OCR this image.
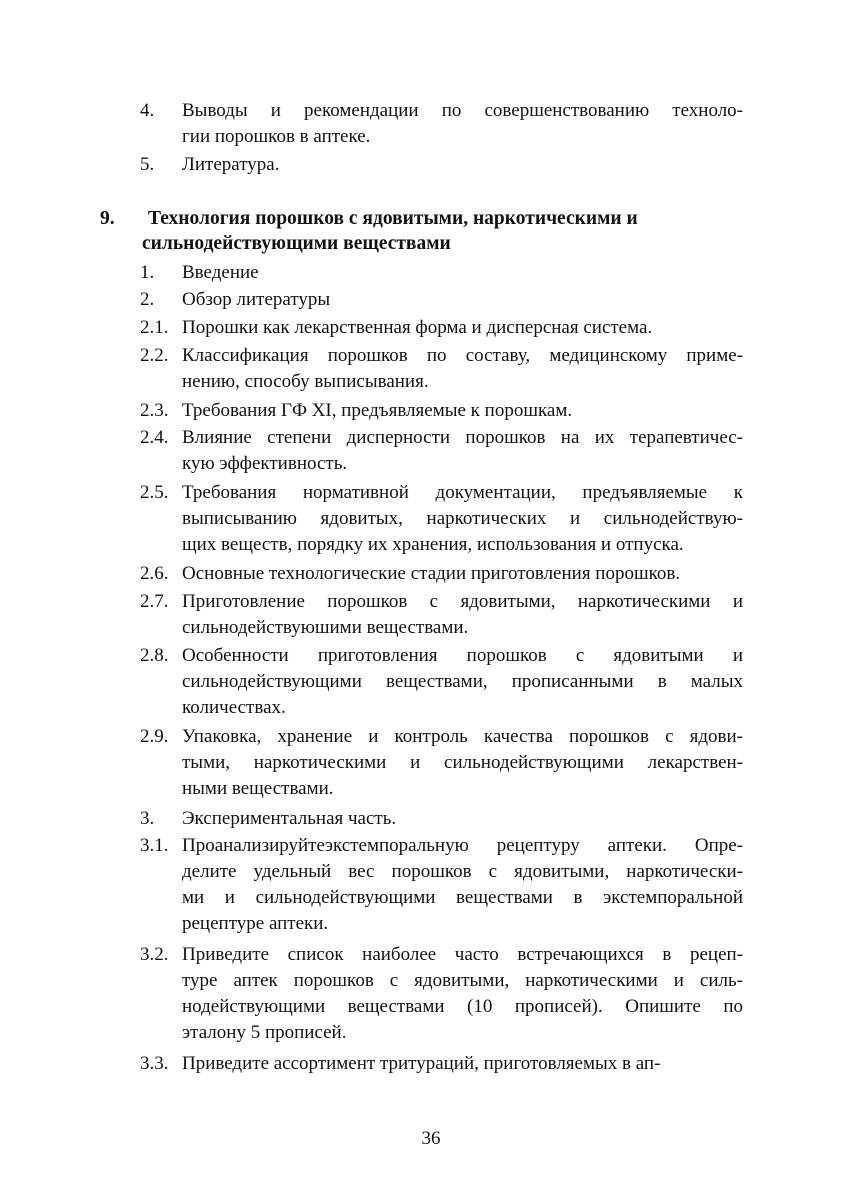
4.	Выводы и рекомендации по совершенствованию техноло-
гии порошков в аптеке.
5.	Литература.
9. Технология порошков с ядовитыми, наркотическими и
сильнодействующими веществами
1.	Введение
2.	Обзор литературы
2.1. Порошки как лекарственная форма и дисперсная система.
2.2. Классификация порошков по составу, медицинскому приме-
нению, способу выписывания.
2.3. Требования ГФ XI, предъявляемые к порошкам.
2.4. Влияние степени дисперности порошков на их терапевтичес-
кую эффективность.
2.5. Требования нормативной документации, предъявляемые к
выписыванию ядовитых, наркотических и сильнодействую-
щих веществ, порядку их хранения, использования и отпуска.
2.6. Основные технологические стадии приготовления порошков.
2.7. Приготовление порошков с ядовитыми, наркотическими и
сильнодействуюшими веществами.
2.8. Особенности приготовления порошков с ядовитыми и
сильнодействующими веществами, прописанными в малых
количествах.
2.9. Упаковка, хранение и контроль качества порошков с ядови-
тыми, наркотическими и сильнодействующими лекарствен-
ными веществами.
3.	Экспериментальная часть.
3.1. Проанализируйтеэкстемпоральную рецептуру аптеки. Опре-
делите удельный вес порошков с ядовитыми, наркотически-
ми и сильнодействующими веществами в экстемпоральной
рецептуре аптеки.
3.2. Приведите список наиболее часто встречающихся в рецеп-
туре аптек порошков с ядовитыми, наркотическими и силь-
нодействующими веществами (10 прописей). Опишите по
эталону 5 прописей.
3.3. Приведите ассортимент тритураций, приготовляемых в ап-
36
